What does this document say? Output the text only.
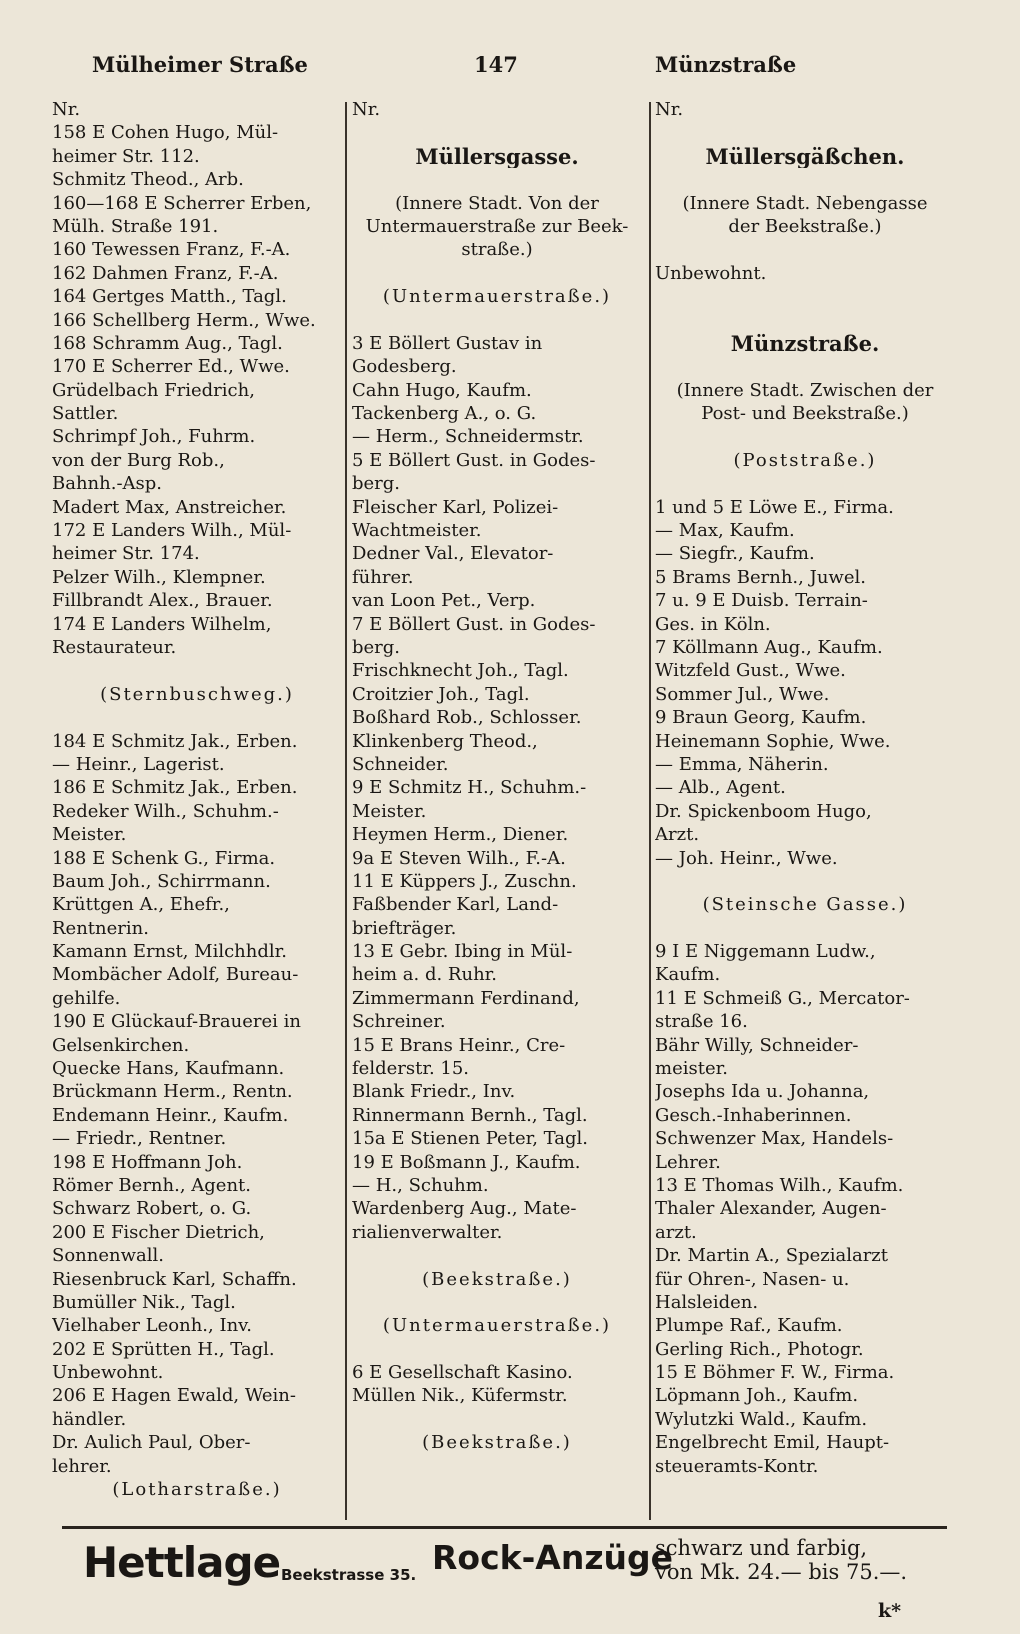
Mülheimer Straße	147	Münzstraße
Nr.
158 E Cohen Hugo, Mül-
heimer Str. 112.
Schmitz Theod., Arb.
160—168 E Scherrer Erben,
Mülh. Straße 191.
160 Tewessen Franz, F.-A.
162 Dahmen Franz, F.-A.
164 Gertges Matth., Tagl.
166 Schellberg Herm., Wwe.
168 Schramm Aug., Tagl.
170 E Scherrer Ed., Wwe.
Grüdelbach Friedrich,
Sattler.
Schrimpf Joh., Fuhrm.
von der Burg Rob.,
Bahnh.-Asp.
Madert Max, Anstreicher.
172 E Landers Wilh., Mül-
heimer Str. 174.
Pelzer Wilh., Klempner.
Fillbrandt Alex., Brauer.
174 E Landers Wilhelm,
Restaurateur.
(Sternbuschweg.)
184 E Schmitz Jak., Erben.
— Heinr., Lagerist.
186 E Schmitz Jak., Erben.
Redeker Wilh., Schuhm.-
Meister.
188 E Schenk G., Firma.
Baum Joh., Schirrmann.
Krüttgen A., Ehefr.,
Rentnerin.
Kamann Ernst, Milchhdlr.
Mombächer Adolf, Bureau-
gehilfe.
190 E Glückauf-Brauerei in
Gelsenkirchen.
Quecke Hans, Kaufmann.
Brückmann Herm., Rentn.
Endemann Heinr., Kaufm.
— Friedr., Rentner.
198 E Hoffmann Joh.
Römer Bernh., Agent.
Schwarz Robert, o. G.
200 E Fischer Dietrich,
Sonnenwall.
Riesenbruck Karl, Schaffn.
Bumüller Nik., Tagl.
Vielhaber Leonh., Inv.
202 E Sprütten H., Tagl.
Unbewohnt.
206 E Hagen Ewald, Wein-
händler.
Dr. Aulich Paul, Ober-
lehrer.
(Lotharstraße.)
Nr.
Müllersgasse.
(Innere Stadt. Von der
Untermauerstraße zur Beek-
straße.)
(Untermauerstraße.)
3 E Böllert Gustav in
Godesberg.
Cahn Hugo, Kaufm.
Tackenberg A., o. G.
— Herm., Schneidermstr.
5 E Böllert Gust. in Godes-
berg.
Fleischer Karl, Polizei-
Wachtmeister.
Dedner Val., Elevator-
führer.
van Loon Pet., Verp.
7 E Böllert Gust. in Godes-
berg.
Frischknecht Joh., Tagl.
Croitzier Joh., Tagl.
Boßhard Rob., Schlosser.
Klinkenberg Theod.,
Schneider.
9 E Schmitz H., Schuhm.-
Meister.
Heymen Herm., Diener.
9a E Steven Wilh., F.-A.
11 E Küppers J., Zuschn.
Faßbender Karl, Land-
briefträger.
13 E Gebr. Ibing in Mül-
heim a. d. Ruhr.
Zimmermann Ferdinand,
Schreiner.
15 E Brans Heinr., Cre-
felderstr. 15.
Blank Friedr., Inv.
Rinnermann Bernh., Tagl.
15a E Stienen Peter, Tagl.
19 E Boßmann J., Kaufm.
— H., Schuhm.
Wardenberg Aug., Mate-
rialienverwalter.
(Beekstraße.)
(Untermauerstraße.)
6 E Gesellschaft Kasino.
Müllen Nik., Küfermstr.
(Beekstraße.)
Nr.
Müllersgäßchen.
(Innere Stadt. Nebengasse
der Beekstraße.)
Unbewohnt.
Münzstraße.
(Innere Stadt. Zwischen der
Post- und Beekstraße.)
(Poststraße.)
1 und 5 E Löwe E., Firma.
— Max, Kaufm.
— Siegfr., Kaufm.
5 Brams Bernh., Juwel.
7 u. 9 E Duisb. Terrain-
Ges. in Köln.
7 Köllmann Aug., Kaufm.
Witzfeld Gust., Wwe.
Sommer Jul., Wwe.
9 Braun Georg, Kaufm.
Heinemann Sophie, Wwe.
— Emma, Näherin.
— Alb., Agent.
Dr. Spickenboom Hugo,
Arzt.
— Joh. Heinr., Wwe.
(Steinsche Gasse.)
9 I E Niggemann Ludw.,
Kaufm.
11 E Schmeiß G., Mercator-
straße 16.
Bähr Willy, Schneider-
meister.
Josephs Ida u. Johanna,
Gesch.-Inhaberinnen.
Schwenzer Max, Handels-
Lehrer.
13 E Thomas Wilh., Kaufm.
Thaler Alexander, Augen-
arzt.
Dr. Martin A., Spezialarzt
für Ohren-, Nasen- u.
Halsleiden.
Plumpe Raf., Kaufm.
Gerling Rich., Photogr.
15 E Böhmer F. W., Firma.
Löpmann Joh., Kaufm.
Wylutzki Wald., Kaufm.
Engelbrecht Emil, Haupt-
steueramts-Kontr.
Hettlage Beekstrasse 35. Rock-Anzüge
schwarz und farbig,
von Mk. 24.— bis 75.—.
k*
